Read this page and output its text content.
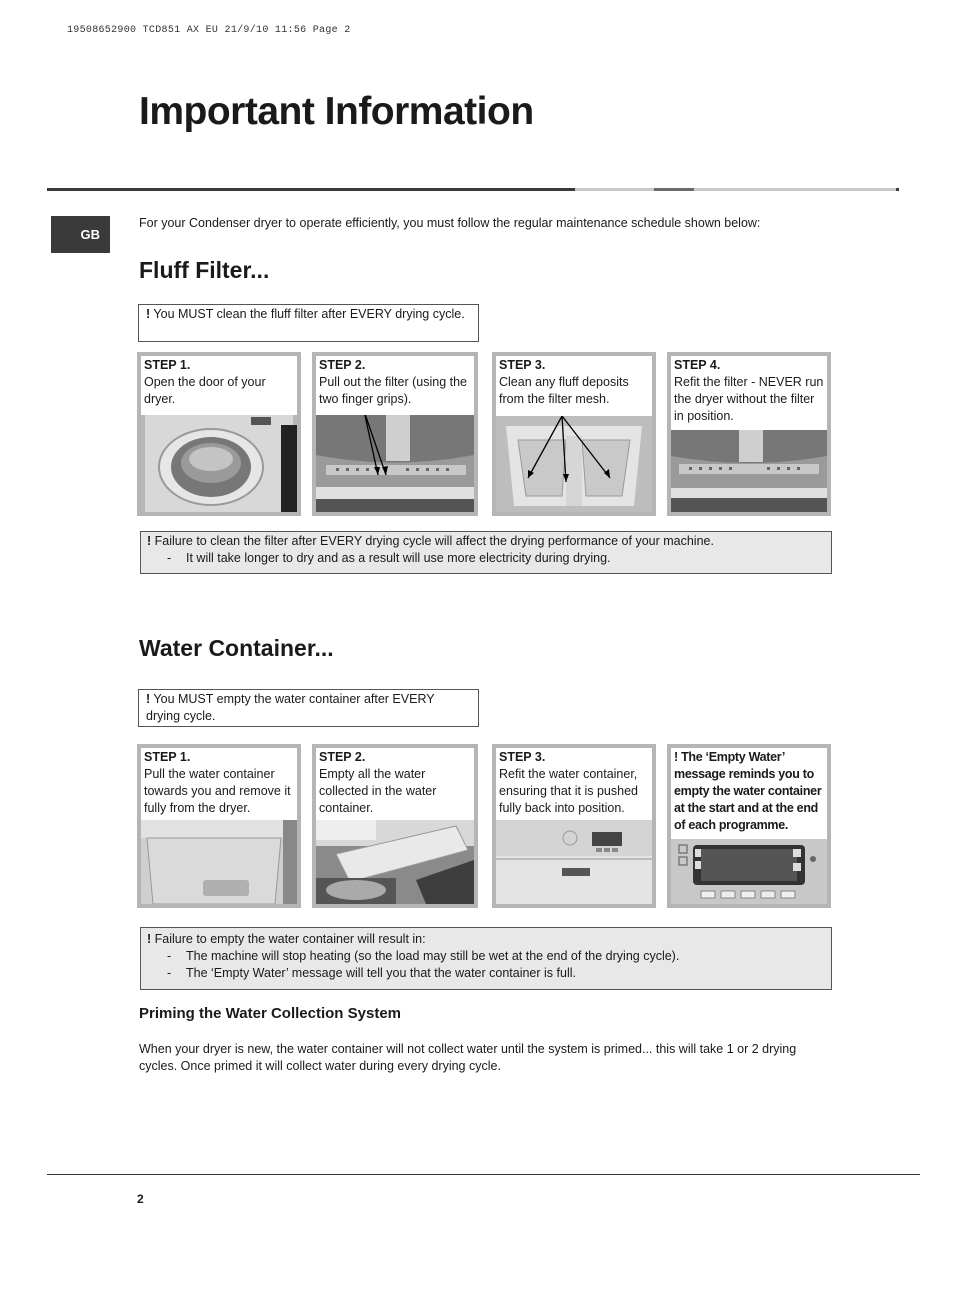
19508652900 TCD851 AX EU 21/9/10 11:56 Page 2
Important Information
GB
For your Condenser dryer to operate efficiently, you must follow the regular maintenance schedule shown below:
Fluff Filter...
! You MUST clean the fluff filter after EVERY drying cycle.
STEP 1.
Open the door of your dryer.
STEP 2.
Pull out the filter (using the two finger grips).
STEP 3.
Clean any fluff deposits from the filter mesh.
STEP 4.
Refit the filter - NEVER run the dryer without the filter in position.
! Failure to clean the filter after EVERY drying cycle will affect the drying performance of your machine.
- It will take longer to dry and as a result will use more electricity during drying.
Water Container...
! You MUST empty the water container after EVERY drying cycle.
STEP 1.
Pull the water container towards you and remove it fully from the dryer.
STEP 2.
Empty all the water collected in the water container.
STEP 3.
Refit the water container, ensuring that it is pushed fully back into position.
! The ‘Empty Water’ message reminds you to empty the water container at the start and at the end of each programme.
! Failure to empty the water container will result in:
- The machine will stop heating (so the load may still be wet at the end of the drying cycle).
- The ‘Empty Water’ message will tell you that the water container is full.
Priming the Water Collection System
When your dryer is new, the water container will not collect water until the system is primed... this will take 1 or 2 drying cycles. Once primed it will collect water during every drying cycle.
2
